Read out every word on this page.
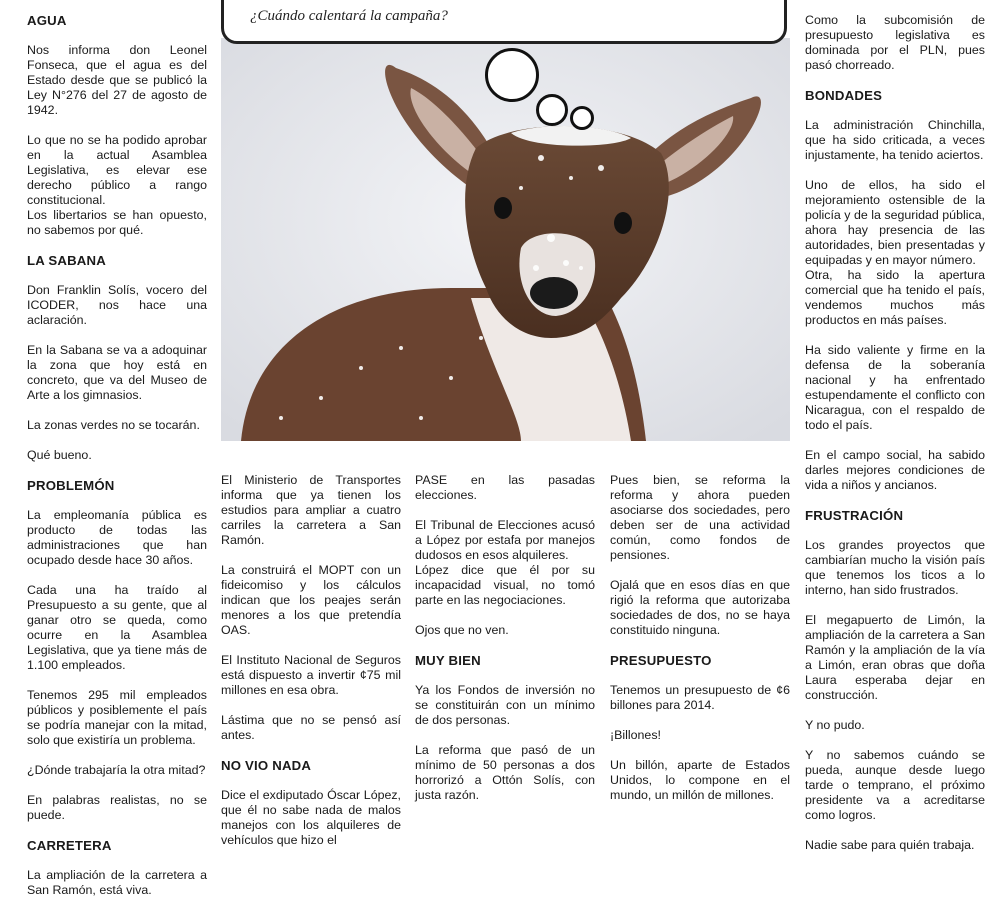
AGUA

Nos informa don Leonel Fonseca, que el agua es del Estado desde que se publicó la Ley N°276 del 27 de agosto de 1942.

Lo que no se ha podido aprobar en la actual Asamblea Legislativa, es elevar ese derecho público a rango constitucional.

Los libertarios se han opuesto, no sabemos por qué.

LA SABANA

Don Franklin Solís, vocero del ICODER, nos hace una aclaración.

En la Sabana se va a adoquinar la zona que hoy está en concreto, que va del Museo de Arte a los gimnasios.

La zonas verdes no se tocarán.

Qué bueno.

PROBLEMÓN

La empleomanía pública es producto de todas las administraciones que han ocupado desde hace 30 años.

Cada una ha traído al Presupuesto a su gente, que al ganar otro se queda, como ocurre en la Asamblea Legislativa, que ya tiene más de 1.100 empleados.

Tenemos 295 mil empleados públicos y posiblemente el país se podría manejar con la mitad, solo que existiría un problema.

¿Dónde trabajaría la otra mitad?

En palabras realistas, no se puede.

CARRETERA

La ampliación de la carretera a San Ramón, está viva.

¿Cuándo calentará la campaña?

El Ministerio de Transportes informa que ya tienen los estudios para ampliar a cuatro carriles la carretera a San Ramón.

La construirá el MOPT con un fideicomiso y los cálculos indican que los peajes serán menores a los que pretendía OAS.

El Instituto Nacional de Seguros está dispuesto a invertir ¢75 mil millones en esa obra.

Lástima que no se pensó así antes.

NO VIO NADA

Dice el exdiputado Óscar López, que él no sabe nada de malos manejos con los alquileres de vehículos que hizo el

PASE en las pasadas elecciones.

El Tribunal de Elecciones acusó a López por estafa por manejos dudosos en esos alquileres.

López dice que él por su incapacidad visual, no tomó parte en las negociaciones.

Ojos que no ven.

MUY BIEN

Ya los Fondos de inversión no se constituirán con un mínimo de dos personas.

La reforma que pasó de un mínimo de 50 personas a dos horrorizó a Ottón Solís, con justa razón.

Pues bien, se reforma la reforma y ahora pueden asociarse dos sociedades, pero deben ser de una actividad común, como fondos de pensiones.

Ojalá que en esos días en que rigió la reforma que autorizaba sociedades de dos, no se haya constituido ninguna.

PRESUPUESTO

Tenemos un presupuesto de ¢6 billones para 2014.

¡Billones!

Un billón, aparte de Estados Unidos, lo compone en el mundo, un millón de millones.

Como la subcomisión de presupuesto legislativa es dominada por el PLN, pues pasó chorreado.

BONDADES

La administración Chinchilla, que ha sido criticada, a veces injustamente, ha tenido aciertos.

Uno de ellos, ha sido el mejoramiento ostensible de la policía y de la seguridad pública, ahora hay presencia de las autoridades, bien presentadas y equipadas y en mayor número.

Otra, ha sido la apertura comercial que ha tenido el país, vendemos muchos más productos en más países.

Ha sido valiente y firme en la defensa de la soberanía nacional y ha enfrentado estupendamente el conflicto con Nicaragua, con el respaldo de todo el país.

En el campo social, ha sabido darles mejores condiciones de vida a niños y ancianos.

FRUSTRACIÓN

Los grandes proyectos que cambiarían mucho la visión país que tenemos los ticos a lo interno, han sido frustrados.

El megapuerto de Limón, la ampliación de la carretera a San Ramón y la ampliación de la vía a Limón, eran obras que doña Laura esperaba dejar en construcción.

Y no pudo.

Y no sabemos cuándo se pueda, aunque desde luego tarde o temprano, el próximo presidente va a acreditarse como logros.

Nadie sabe para quién trabaja.
